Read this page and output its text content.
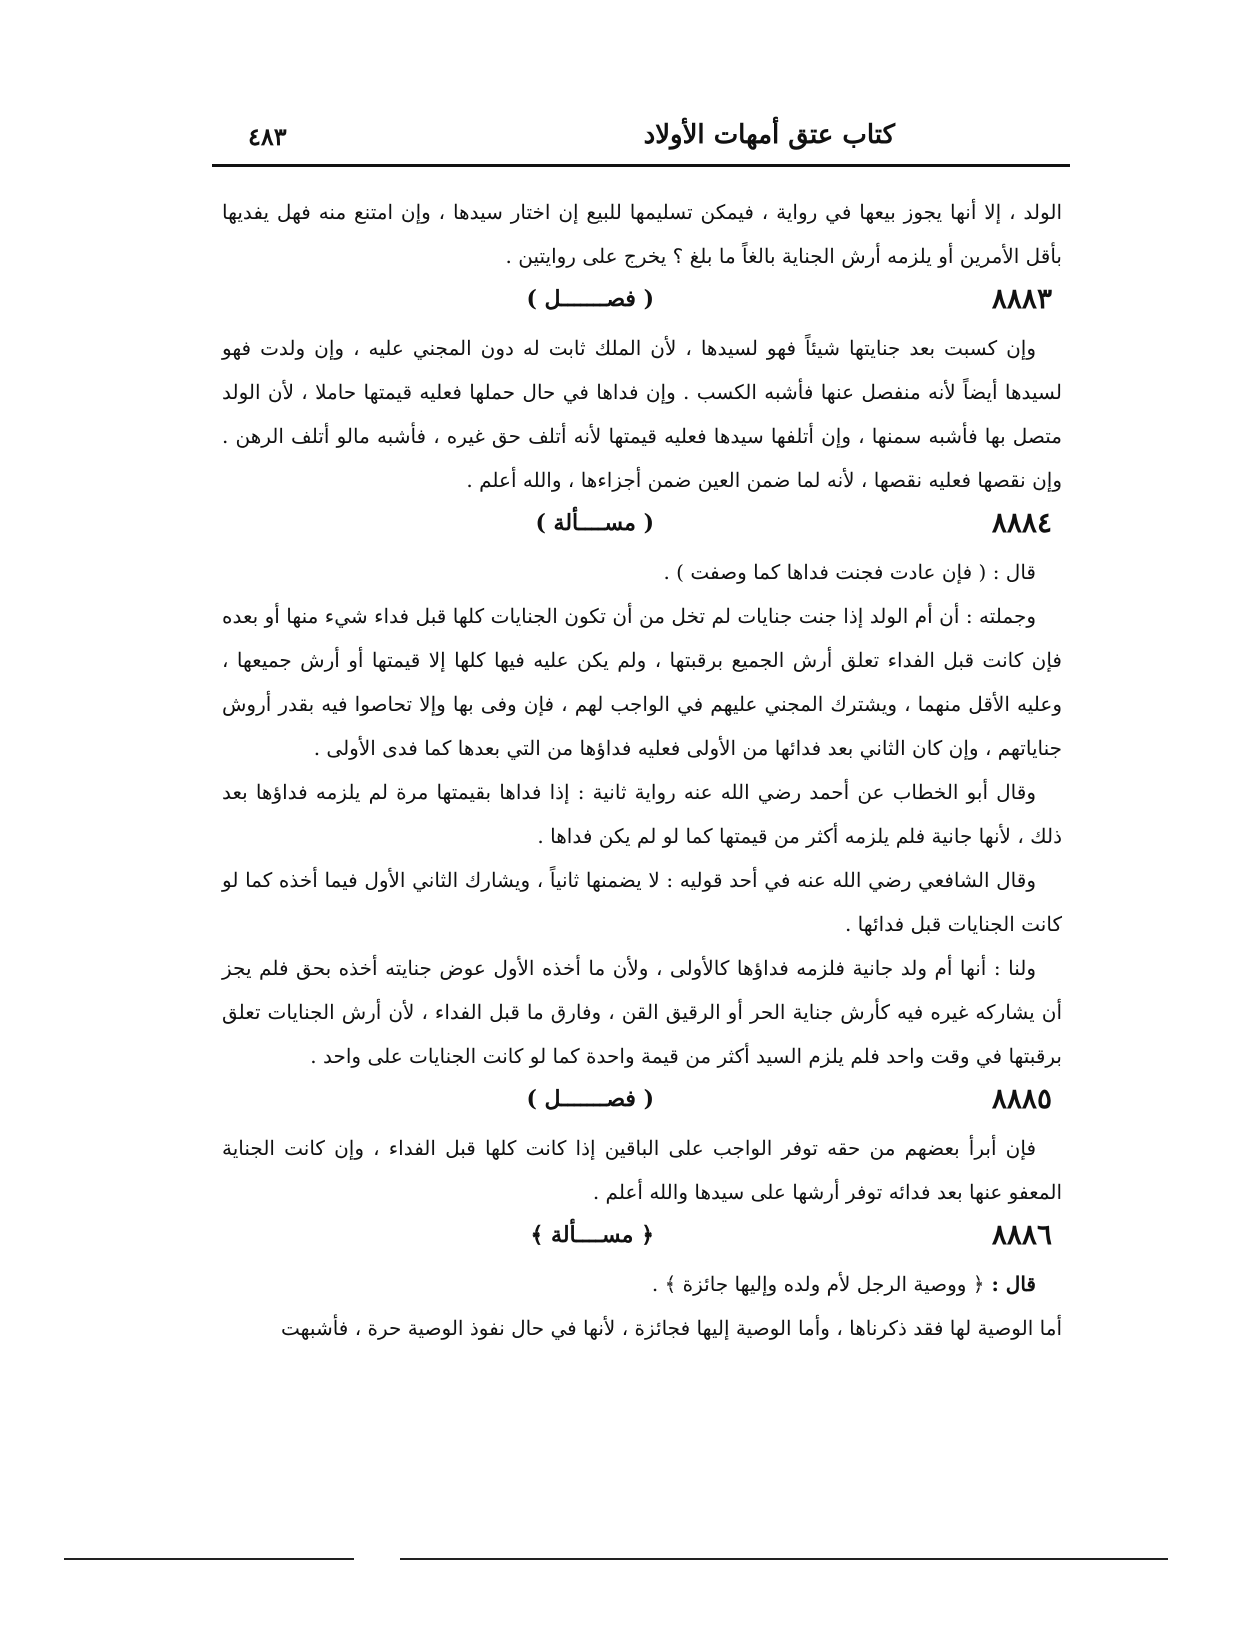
كتاب عتق أمهات الأولاد
٤٨٣

الولد ، إلا أنها يجوز بيعها في رواية ، فيمكن تسليمها للبيع إن اختار سيدها ، وإن امتنع منه فهل يفديها بأقل الأمرين أو يلزمه أرش الجناية بالغاً ما بلغ ؟ يخرج على روايتين .

٨٨٨٣
( فصـــــــل )

وإن كسبت بعد جنايتها شيئاً فهو لسيدها ، لأن الملك ثابت له دون المجني عليه ، وإن ولدت فهو لسيدها أيضاً لأنه منفصل عنها فأشبه الكسب . وإن فداها في حال حملها فعليه قيمتها حاملا ، لأن الولد متصل بها فأشبه سمنها ، وإن أتلفها سيدها فعليه قيمتها لأنه أتلف حق غيره ، فأشبه مالو أتلف الرهن . وإن نقصها فعليه نقصها ، لأنه لما ضمن العين ضمن أجزاءها ، والله أعلم .

٨٨٨٤
( مســــألة )

قال : ( فإن عادت فجنت فداها كما وصفت ) .

وجملته : أن أم الولد إذا جنت جنايات لم تخل من أن تكون الجنايات كلها قبل فداء شيء منها أو بعده فإن كانت قبل الفداء تعلق أرش الجميع برقبتها ، ولم يكن عليه فيها كلها إلا قيمتها أو أرش جميعها ، وعليه الأقل منهما ، ويشترك المجني عليهم في الواجب لهم ، فإن وفى بها وإلا تحاصوا فيه بقدر أروش جناياتهم ، وإن كان الثاني بعد فدائها من الأولى فعليه فداؤها من التي بعدها كما فدى الأولى .

وقال أبو الخطاب عن أحمد رضي الله عنه رواية ثانية : إذا فداها بقيمتها مرة لم يلزمه فداؤها بعد ذلك ، لأنها جانية فلم يلزمه أكثر من قيمتها كما لو لم يكن فداها .

وقال الشافعي رضي الله عنه في أحد قوليه : لا يضمنها ثانياً ، ويشارك الثاني الأول فيما أخذه كما لو كانت الجنايات قبل فدائها .

ولنا : أنها أم ولد جانية فلزمه فداؤها كالأولى ، ولأن ما أخذه الأول عوض جنايته أخذه بحق فلم يجز أن يشاركه غيره فيه كأرش جناية الحر أو الرقيق القن ، وفارق ما قبل الفداء ، لأن أرش الجنايات تعلق برقبتها في وقت واحد فلم يلزم السيد أكثر من قيمة واحدة كما لو كانت الجنايات على واحد .

٨٨٨٥
( فصـــــــل )

فإن أبرأ بعضهم من حقه توفر الواجب على الباقين إذا كانت كلها قبل الفداء ، وإن كانت الجناية المعفو عنها بعد فدائه توفر أرشها على سيدها والله أعلم .

٨٨٨٦
﴿ مســــألة ﴾

قال : ﴿ ووصية الرجل لأم ولده وإليها جائزة ﴾ .

أما الوصية لها فقد ذكرناها ، وأما الوصية إليها فجائزة ، لأنها في حال نفوذ الوصية حرة ، فأشبهت
